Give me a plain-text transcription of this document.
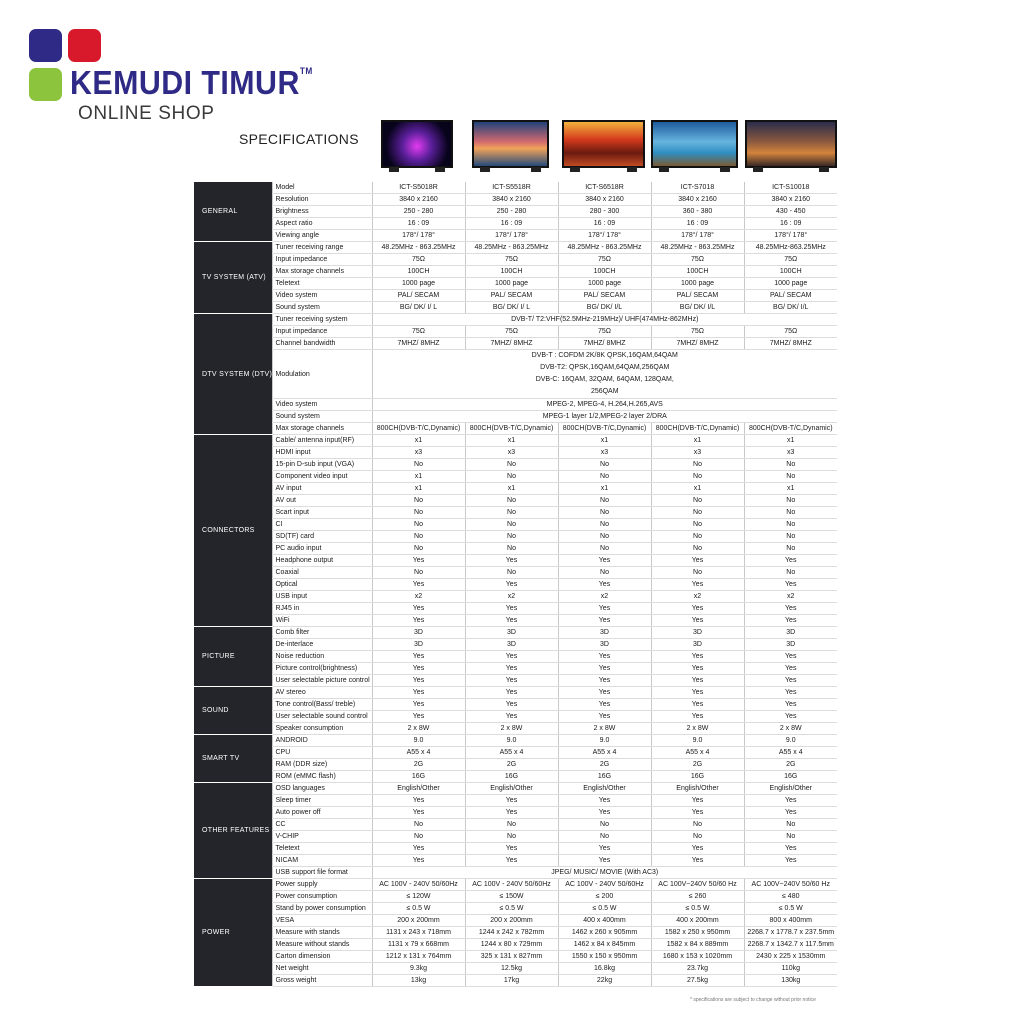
KEMUDI TIMUR™
ONLINE SHOP
SPECIFICATIONS
GENERAL	Model	ICT-S5018R	ICT-S5518R	ICT-S6518R	ICT-S7018	ICT-S10018
	Resolution	3840 x 2160	3840 x 2160	3840 x 2160	3840 x 2160	3840 x 2160
	Brightness	250 - 280	250 - 280	280 - 300	360 - 380	430 - 450
	Aspect ratio	16 : 09	16 : 09	16 : 09	16 : 09	16 : 09
	Viewing angle	178°/ 178°	178°/ 178°	178°/ 178°	178°/ 178°	178°/ 178°
TV SYSTEM (ATV)	Tuner receiving range	48.25MHz - 863.25MHz	48.25MHz - 863.25MHz	48.25MHz - 863.25MHz	48.25MHz - 863.25MHz	48.25MHz-863.25MHz
	Input impedance	75Ω	75Ω	75Ω	75Ω	75Ω
	Max storage channels	100CH	100CH	100CH	100CH	100CH
	Teletext	1000 page	1000 page	1000 page	1000 page	1000 page
	Video system	PAL/ SECAM	PAL/ SECAM	PAL/ SECAM	PAL/ SECAM	PAL/ SECAM
	Sound system	BG/ DK/ I/ L	BG/ DK/ I/ L	BG/ DK/ I/L	BG/ DK/ I/L	BG/ DK/ I/L
DTV SYSTEM (DTV)	Tuner receiving system	DVB-T/ T2:VHF(52.5MHz-219MHz)/ UHF(474MHz-862MHz)				
	Input impedance	75Ω	75Ω	75Ω	75Ω	75Ω
	Channel bandwidth	7MHZ/ 8MHZ	7MHZ/ 8MHZ	7MHZ/ 8MHZ	7MHZ/ 8MHZ	7MHZ/ 8MHZ
	Modulation	DVB-T : COFDM 2K/8K QPSK,16QAM,64QAM
DVB-T2: QPSK,16QAM,64QAM,256QAM
DVB-C: 16QAM, 32QAM, 64QAM, 128QAM,
256QAM				

	Video system	MPEG-2, MPEG-4, H.264,H.265,AVS				
	Sound system	MPEG-1 layer 1/2,MPEG-2 layer 2/DRA				
	Max storage channels	800CH(DVB-T/C,Dynamic)	800CH(DVB-T/C,Dynamic)	800CH(DVB-T/C,Dynamic)	800CH(DVB-T/C,Dynamic)	800CH(DVB-T/C,Dynamic)
CONNECTORS	Cable/ antenna input(RF)	x1	x1	x1	x1	x1
	HDMI input	x3	x3	x3	x3	x3
	15-pin D-sub input (VGA)	No	No	No	No	No
	Component video input	x1	No	No	No	No
	AV input	x1	x1	x1	x1	x1
	AV out	No	No	No	No	No
	Scart input	No	No	No	No	No
	CI	No	No	No	No	No
	SD(TF) card	No	No	No	No	No
	PC audio input	No	No	No	No	No
	Headphone output	Yes	Yes	Yes	Yes	Yes
	Coaxial	No	No	No	No	No
	Optical	Yes	Yes	Yes	Yes	Yes
	USB input	x2	x2	x2	x2	x2
	RJ45 in	Yes	Yes	Yes	Yes	Yes
	WiFi	Yes	Yes	Yes	Yes	Yes
PICTURE	Comb filter	3D	3D	3D	3D	3D
	De-interlace	3D	3D	3D	3D	3D
	Noise reduction	Yes	Yes	Yes	Yes	Yes
	Picture control(brightness)	Yes	Yes	Yes	Yes	Yes
	User selectable picture control	Yes	Yes	Yes	Yes	Yes
SOUND	AV stereo	Yes	Yes	Yes	Yes	Yes
	Tone control(Bass/ treble)	Yes	Yes	Yes	Yes	Yes
	User selectable sound control	Yes	Yes	Yes	Yes	Yes
	Speaker consumption	2 x 8W	2 x 8W	2 x 8W	2 x 8W	2 x 8W
SMART TV	ANDROID	9.0	9.0	9.0	9.0	9.0
	CPU	A55 x 4	A55 x 4	A55 x 4	A55 x 4	A55 x 4
	RAM (DDR size)	2G	2G	2G	2G	2G
	ROM (eMMC flash)	16G	16G	16G	16G	16G
OTHER FEATURES	OSD languages	English/Other	English/Other	English/Other	English/Other	English/Other
	Sleep timer	Yes	Yes	Yes	Yes	Yes
	Auto power off	Yes	Yes	Yes	Yes	Yes
	CC	No	No	No	No	No
	V-CHIP	No	No	No	No	No
	Teletext	Yes	Yes	Yes	Yes	Yes
	NICAM	Yes	Yes	Yes	Yes	Yes
	USB support file format	JPEG/ MUSIC/ MOVIE (With AC3)				
POWER	Power supply	AC 100V - 240V 50/60Hz	AC 100V - 240V 50/60Hz	AC 100V - 240V 50/60Hz	AC 100V~240V 50/60 Hz	AC 100V~240V 50/60 Hz
	Power consumption	≤ 120W	≤ 150W	≤ 200	≤ 260	≤ 480
	Stand by power consumption	≤ 0.5 W	≤ 0.5 W	≤ 0.5 W	≤ 0.5 W	≤ 0.5 W
	VESA	200 x 200mm	200 x 200mm	400 x 400mm	400 x 200mm	800 x 400mm
	Measure with stands	1131 x 243 x 718mm	1244 x 242 x 782mm	1462 x 260 x 905mm	1582 x 250 x 950mm	2268.7 x 1778.7 x 237.5mm
	Measure without stands	1131 x 79 x 668mm	1244 x 80 x 729mm	1462 x 84 x 845mm	1582 x 84 x 889mm	2268.7 x 1342.7 x 117.5mm
	Carton dimension	1212 x 131 x 764mm	325 x 131 x 827mm	1550 x 150 x 950mm	1680 x 153 x 1020mm	2430 x 225 x 1530mm
	Net weight	9.3kg	12.5kg	16.8kg	23.7kg	110kg
	Gross weight	13kg	17kg	22kg	27.5kg	130kg
* specifications are subject to change without prior notice
